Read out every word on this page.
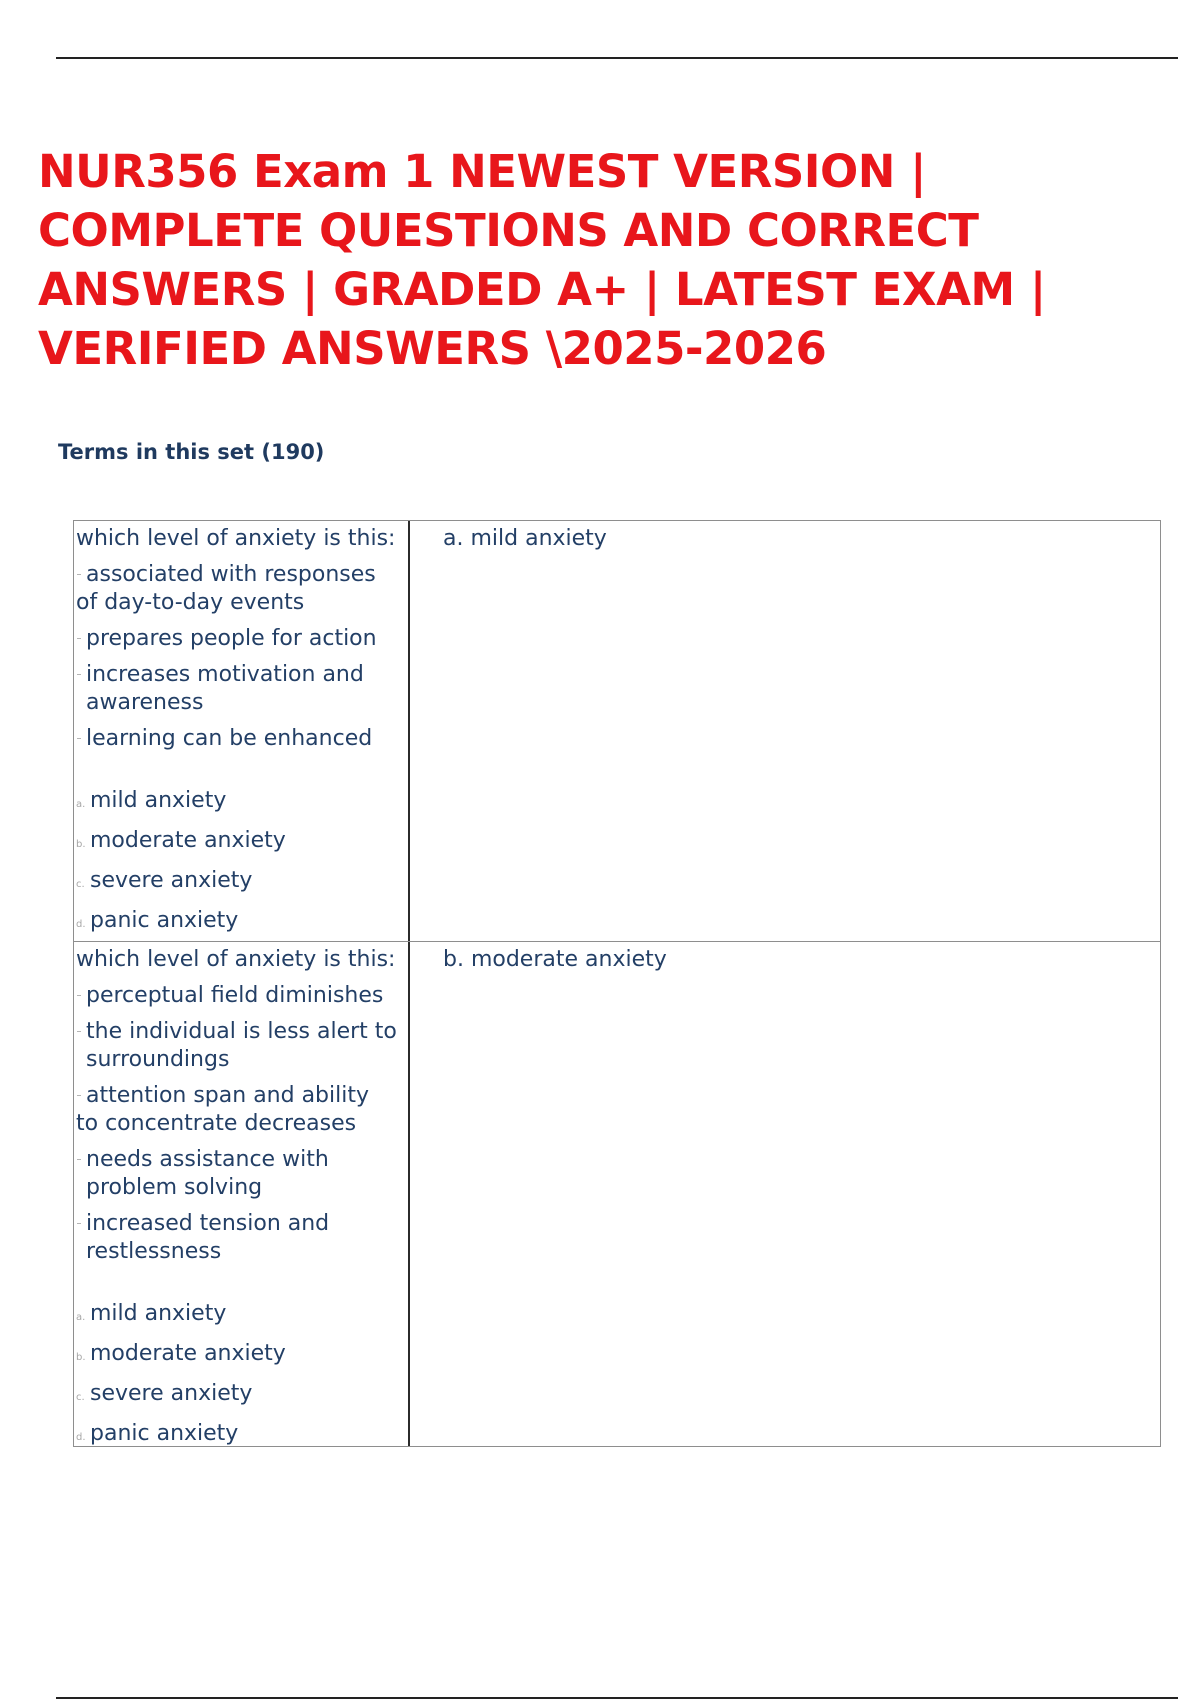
NUR356 Exam 1 NEWEST VERSION | COMPLETE QUESTIONS AND CORRECT ANSWERS | GRADED A+ | LATEST EXAM | VERIFIED ANSWERS \2025-2026
Terms in this set (190)

which level of anxiety is this:

associated with responses

of day-to-day events

prepares people for action

increases motivation and awareness

learning can be enhanced

a. mild anxiety
b. moderate anxiety
c. severe anxiety
d. panic anxiety
a. mild anxiety

which level of anxiety is this:

perceptual field diminishes

the individual is less alert to surroundings

attention span and ability

to concentrate decreases

needs assistance with problem solving

increased tension and restlessness

a. mild anxiety
b. moderate anxiety
c. severe anxiety
d. panic anxiety
b. moderate anxiety
